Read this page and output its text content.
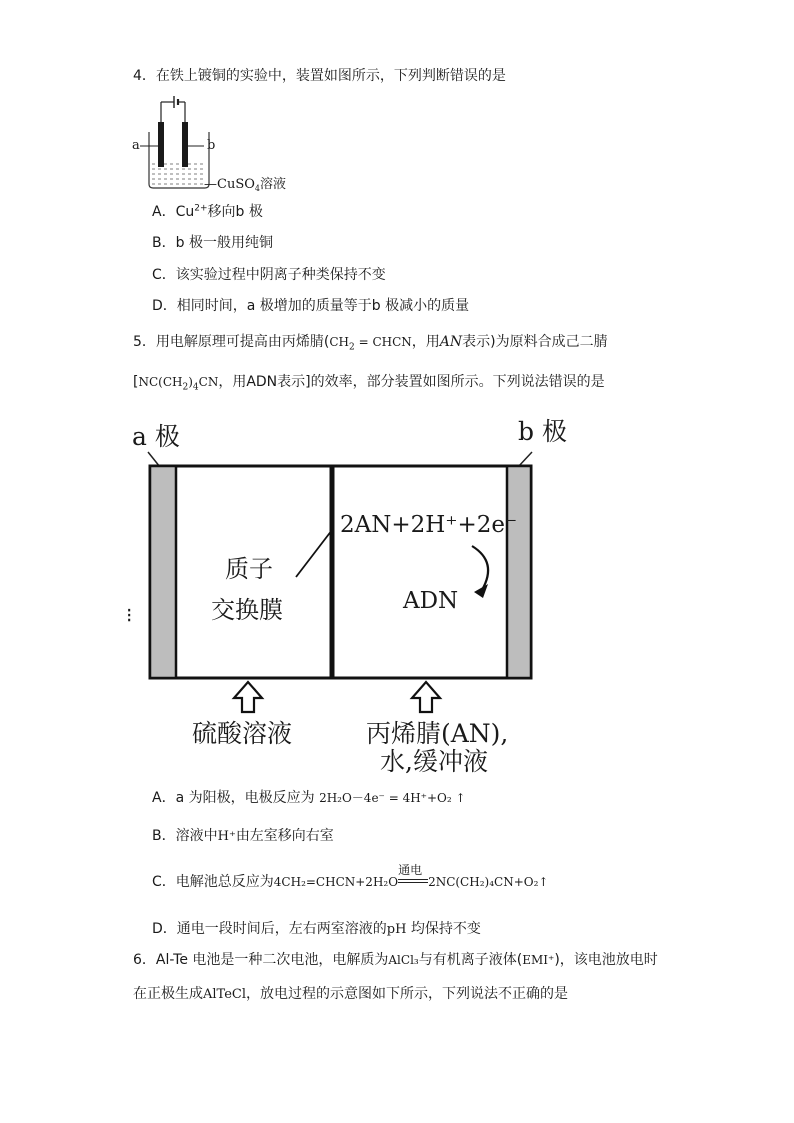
4．在铁上镀铜的实验中，装置如图所示，下列判断错误的是
a	b
—CuSO$_4$溶液
A．$Cu^{2+}$移向b 极
B．b 极一般用纯铜
C．该实验过程中阴离子种类保持不变
D．相同时间，a 极增加的质量等于b 极减小的质量
5．用电解原理可提高由丙烯腈($CH_2$ = CHCN，用AN表示)为原料合成己二腈
[$NC(CH_2)_4CN$，用ADN表示]的效率，部分装置如图所示。下列说法错误的是
a 极	b 极
质子
交换膜
2AN+2H⁺+2e⁻
ADN
⁝
硫酸溶液	丙烯腈(AN),
水,缓冲液
A．a 为阳极，电极反应为 2H₂O－4e⁻ = 4H⁺+O₂ ↑
B．溶液中H⁺由左室移向右室
C．电解池总反应为4CH₂=CHCN+2H₂O
通电
2NC(CH₂)₄CN+O₂↑
D．通电一段时间后，左右两室溶液的pH 均保持不变
6．Al-Te 电池是一种二次电池，电解质为AlCl₃与有机离子液体(EMI⁺)，该电池放电时
在正极生成AlTeCl，放电过程的示意图如下所示，下列说法不正确的是
